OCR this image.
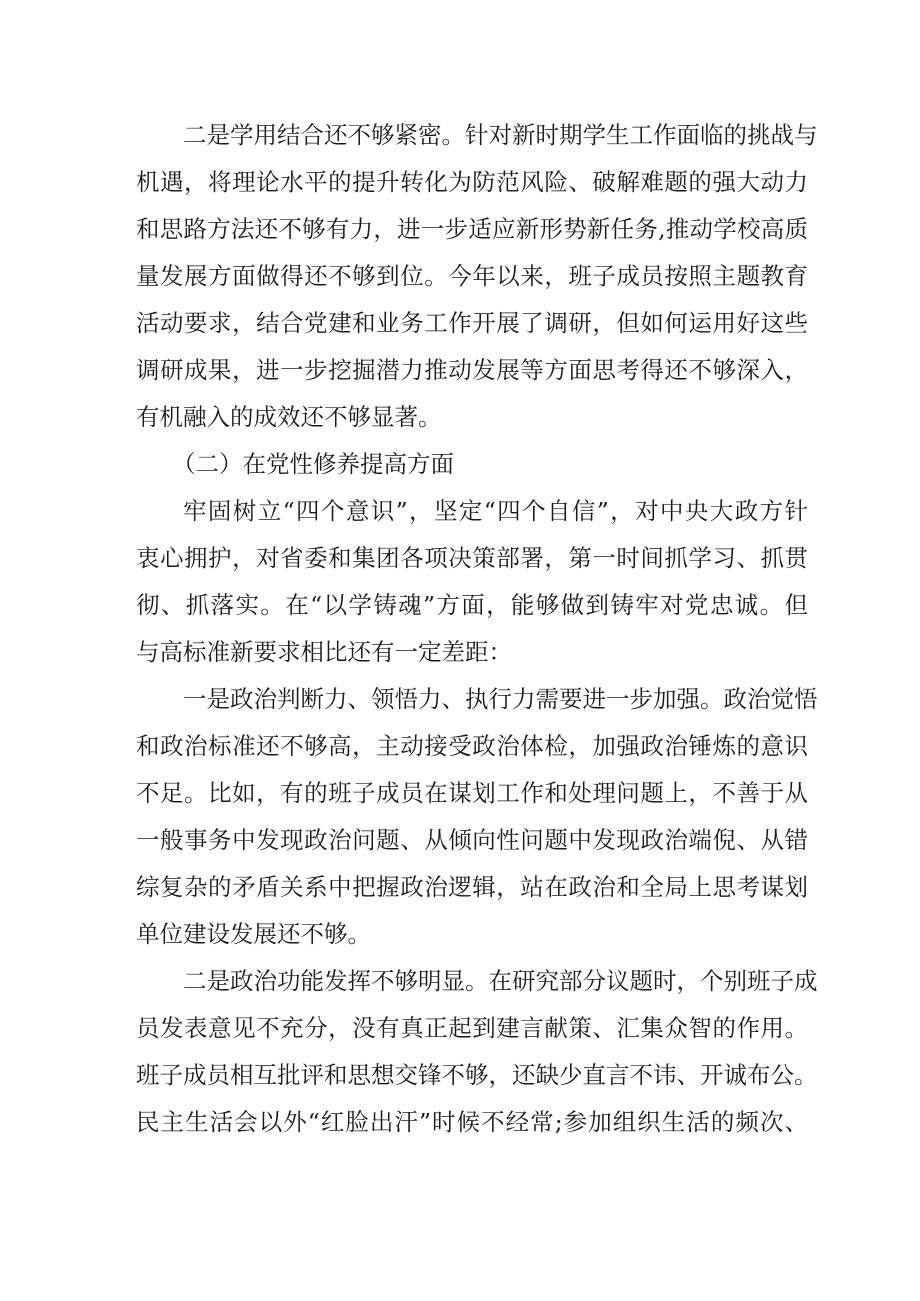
二是学用结合还不够紧密。针对新时期学生工作面临的挑战与
机遇，将理论水平的提升转化为防范风险、破解难题的强大动力
和思路方法还不够有力，进一步适应新形势新任务,推动学校高质
量发展方面做得还不够到位。今年以来，班子成员按照主题教育
活动要求，结合党建和业务工作开展了调研，但如何运用好这些
调研成果，进一步挖掘潜力推动发展等方面思考得还不够深入，
有机融入的成效还不够显著。
（二）在党性修养提高方面
牢固树立“四个意识”，坚定“四个自信”，对中央大政方针
衷心拥护，对省委和集团各项决策部署，第一时间抓学习、抓贯
彻、抓落实。在“以学铸魂”方面，能够做到铸牢对党忠诚。但
与高标准新要求相比还有一定差距：
一是政治判断力、领悟力、执行力需要进一步加强。政治觉悟
和政治标准还不够高，主动接受政治体检，加强政治锤炼的意识
不足。比如，有的班子成员在谋划工作和处理问题上，不善于从
一般事务中发现政治问题、从倾向性问题中发现政治端倪、从错
综复杂的矛盾关系中把握政治逻辑，站在政治和全局上思考谋划
单位建设发展还不够。
二是政治功能发挥不够明显。在研究部分议题时，个别班子成
员发表意见不充分，没有真正起到建言献策、汇集众智的作用。
班子成员相互批评和思想交锋不够，还缺少直言不讳、开诚布公。
民主生活会以外“红脸出汗”时候不经常;参加组织生活的频次、
